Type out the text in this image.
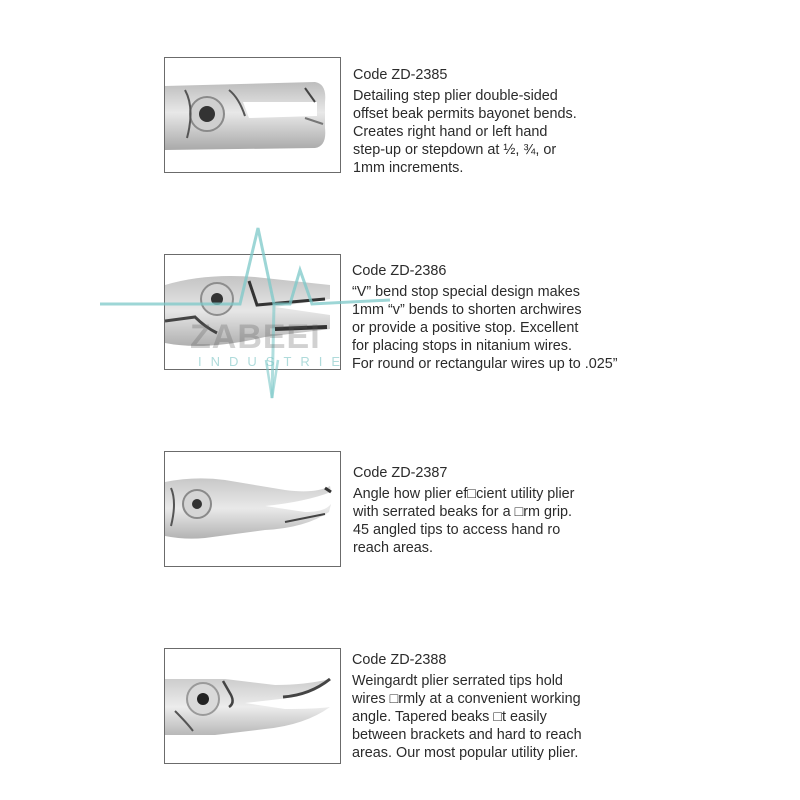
Code ZD-2385
Detailing step plier double-sided
offset beak permits bayonet bends.
Creates right hand or left hand
step-up or stepdown at ½, ¾, or
1mm increments.
Code ZD-2386
“V” bend stop special design makes
1mm “v” bends to shorten archwires
or provide a positive stop. Excellent
for placing stops in nitanium wires.
For round or rectangular wires up to .025”
ZABEEI
INDUSTRIE
Code ZD-2387
Angle how plier ef□cient utility plier
with serrated beaks for a □rm grip.
45 angled tips to access hand ro
reach areas.
Code ZD-2388
Weingardt plier serrated tips hold
wires □rmly at a convenient working
angle. Tapered beaks □t easily
between brackets and hard to reach
areas. Our most popular utility plier.
